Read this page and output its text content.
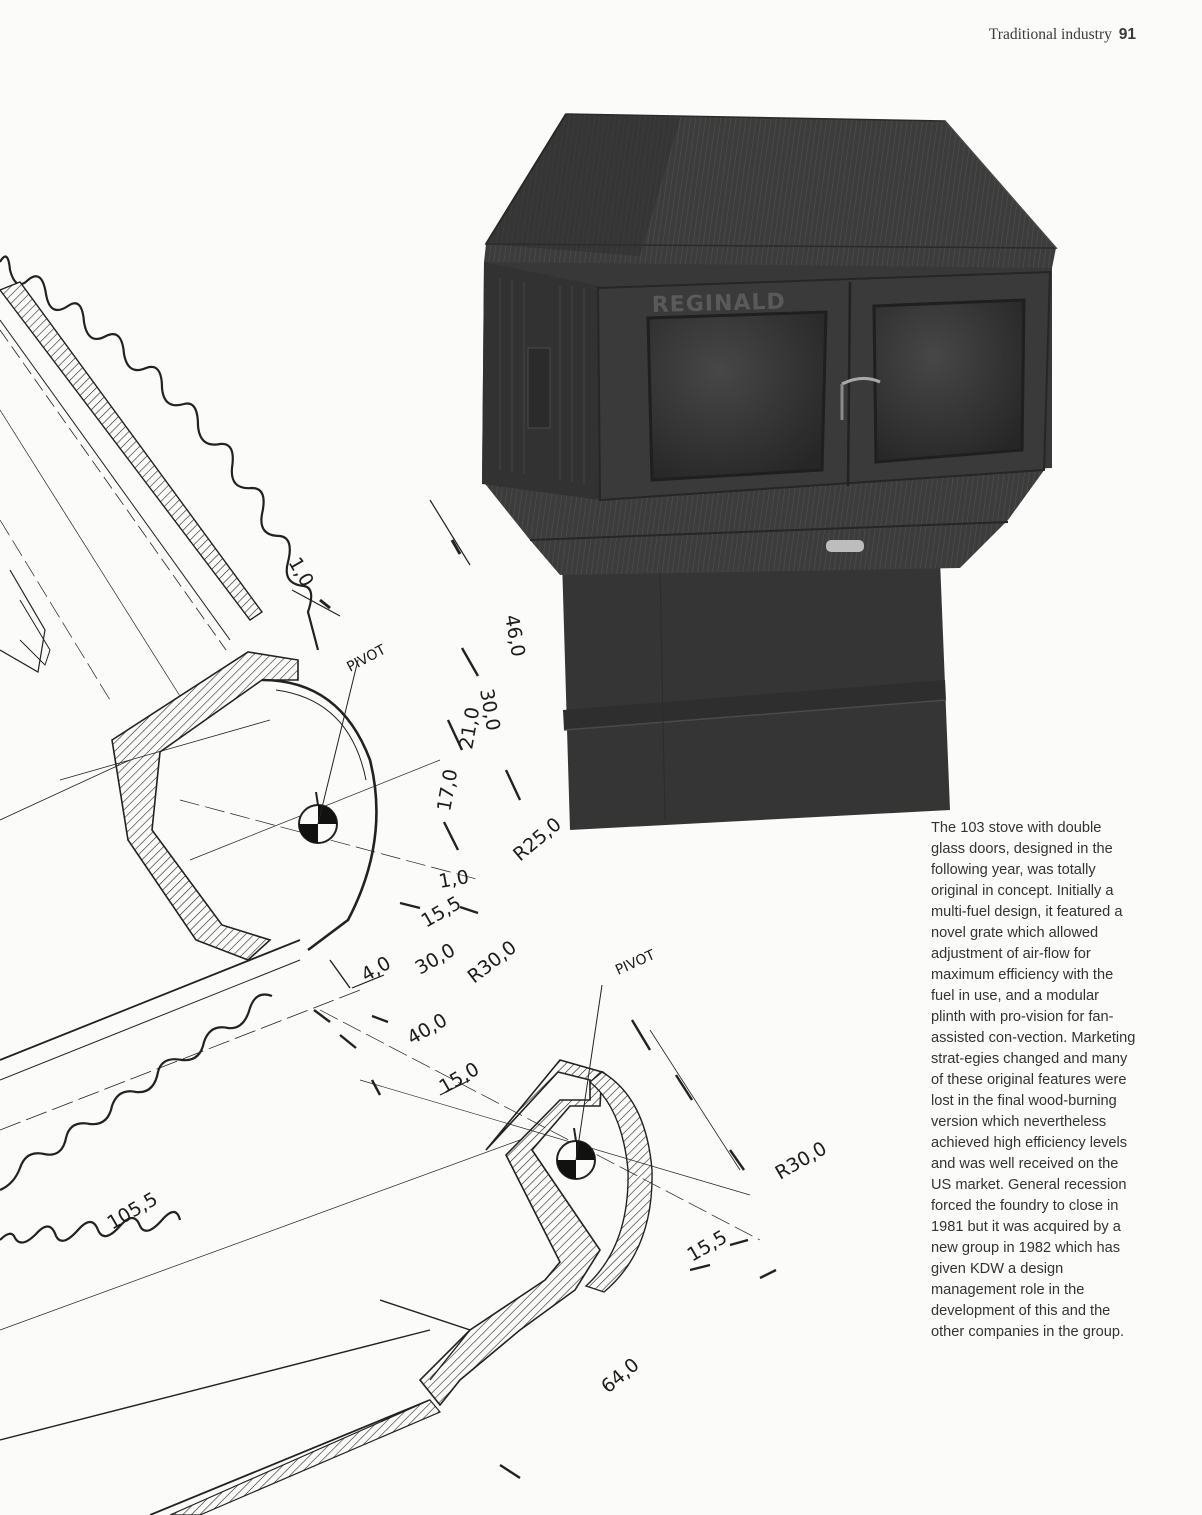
Traditional industry 91
PIVOT
PIVOT
1,0
46,0
30,0
21,0
17,0
R25,0
1,0
15,5
4,0 30,0 R30,0
40,0
15,0
R30,0
105,5
15,5
64,0
REGINALD

The 103 stove with double glass doors, designed in the following year, was totally original in concept. Initially a multi-fuel design, it featured a novel grate which allowed adjustment of air-flow for maximum efficiency with the fuel in use, and a modular plinth with pro-vision for fan-assisted con-vection. Marketing strat-egies changed and many of these original features were lost in the final wood-burning version which nevertheless achieved high efficiency levels and was well received on the US market. General recession forced the foundry to close in 1981 but it was acquired by a new group in 1982 which has given KDW a design management role in the development of this and the other companies in the group.
